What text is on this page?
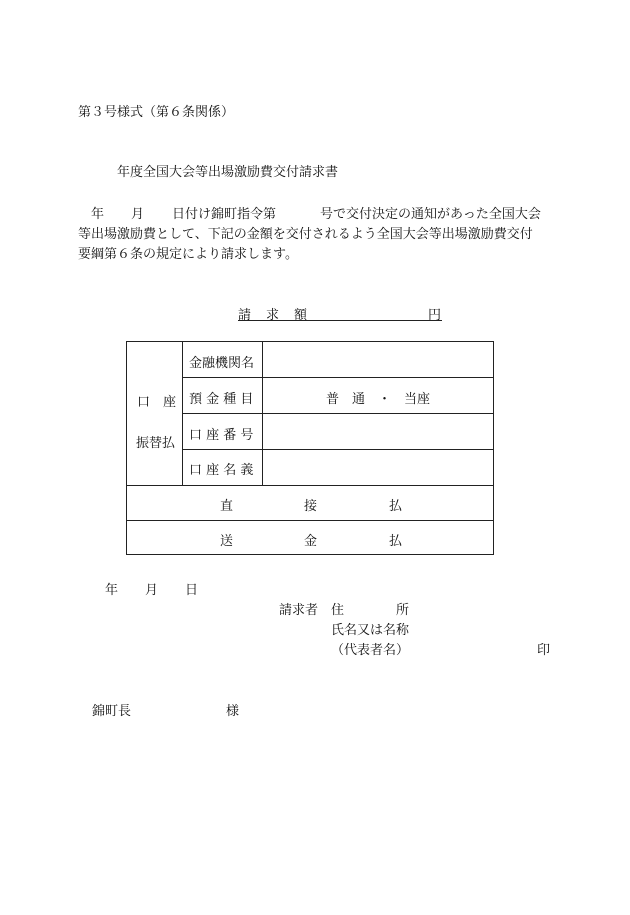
第３号様式（第６条関係）
年度全国大会等出場激励費交付請求書
年 月 日付け錦町指令第	号で交付決定の通知があった全国大会
等出場激励費として、下記の金額を交付されるよう全国大会等出場激励費交付
要綱第６条の規定により請求します。
請 求 額	円
口　座
振替払
金融機関名
預 金 種 目	普　通　・　当座
口 座 番 号
口 座 名 義
直	接	払
送	金	払
年 月 日
請求者 住　　　　所
氏名又は名称
（代表者名）	印
錦町長	様
